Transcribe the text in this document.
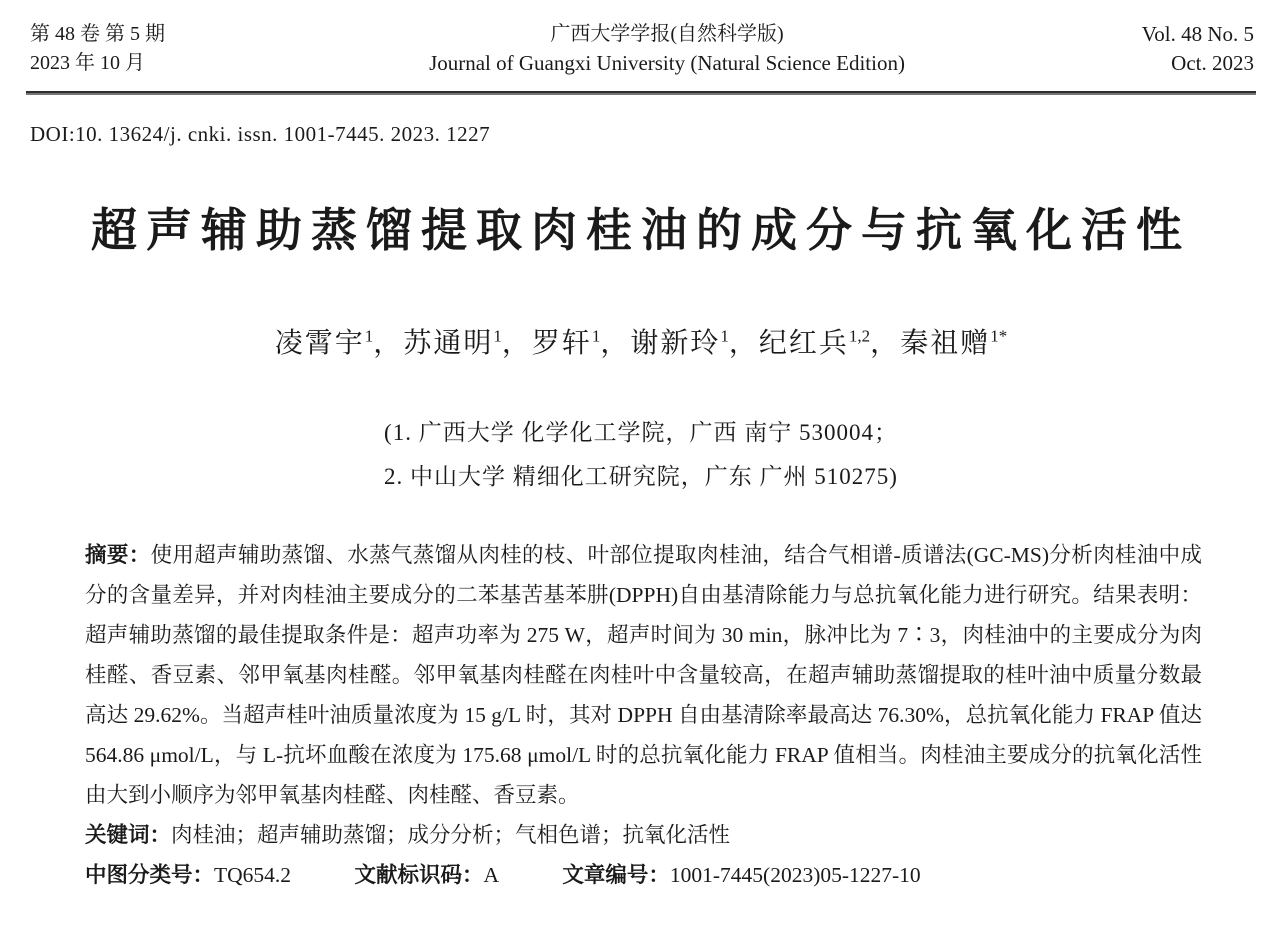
第 48 卷 第 5 期
2023 年 10 月
广西大学学报(自然科学版)
Journal of Guangxi University (Natural Science Edition)
Vol. 48 No. 5
Oct. 2023
DOI:10. 13624/j. cnki. issn. 1001-7445. 2023. 1227
超声辅助蒸馏提取肉桂油的成分与抗氧化活性
凌霄宇$^1$，苏通明$^1$，罗轩$^1$，谢新玲$^1$，纪红兵$^{1,2}$，秦祖赠$^{1*}$
(1. 广西大学 化学化工学院，广西 南宁 530004；
2. 中山大学 精细化工研究院，广东 广州 510275)
摘要：使用超声辅助蒸馏、水蒸气蒸馏从肉桂的枝、叶部位提取肉桂油，结合气相谱-质谱法(GC-MS)分析肉桂油中成分的含量差异，并对肉桂油主要成分的二苯基苦基苯肼(DPPH)自由基清除能力与总抗氧化能力进行研究。结果表明：超声辅助蒸馏的最佳提取条件是：超声功率为 275 W，超声时间为 30 min，脉冲比为 7∶3，肉桂油中的主要成分为肉桂醛、香豆素、邻甲氧基肉桂醛。邻甲氧基肉桂醛在肉桂叶中含量较高，在超声辅助蒸馏提取的桂叶油中质量分数最高达 29.62%。当超声桂叶油质量浓度为 15 g/L 时，其对 DPPH 自由基清除率最高达 76.30%，总抗氧化能力 FRAP 值达 564.86 μmol/L，与 L-抗坏血酸在浓度为 175.68 μmol/L 时的总抗氧化能力 FRAP 值相当。肉桂油主要成分的抗氧化活性由大到小顺序为邻甲氧基肉桂醛、肉桂醛、香豆素。
关键词：肉桂油；超声辅助蒸馏；成分分析；气相色谱；抗氧化活性
中图分类号：TQ654.2	文献标识码：A	文章编号：1001-7445(2023)05-1227-10
